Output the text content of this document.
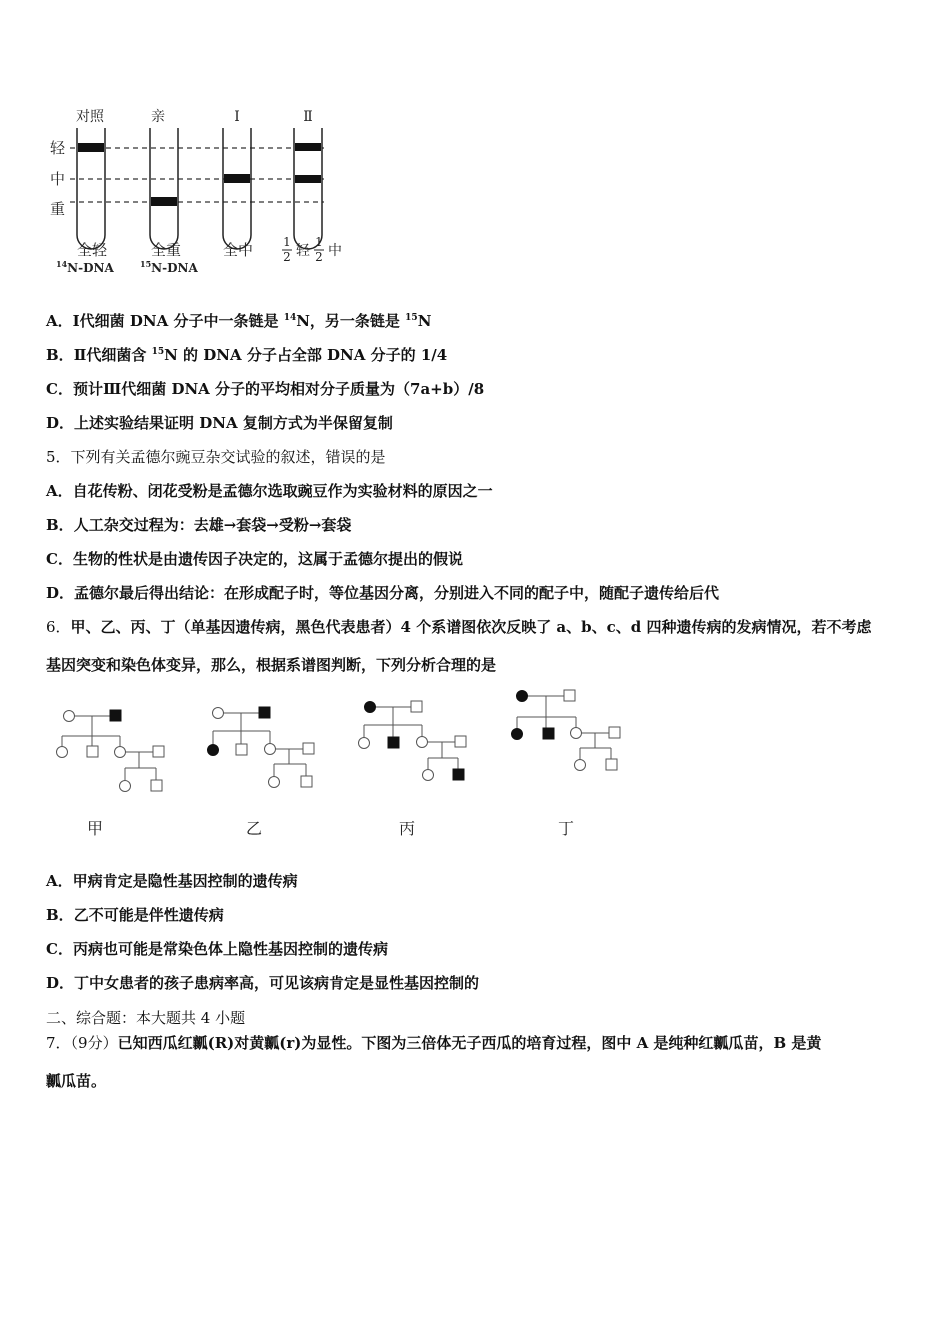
对照	亲	Ⅰ	Ⅱ
轻
中
重
全轻	全重	全中	1
2 轻
1
2 中
$^{14}$N-DNA	$^{15}$N-DNA
A．Ⅰ代细菌 DNA 分子中一条链是 $^{14}$N，另一条链是 $^{15}$N
B．Ⅱ代细菌含 $^{15}$N 的 DNA 分子占全部 DNA 分子的 1/4
C．预计Ⅲ代细菌 DNA 分子的平均相对分子质量为（7a+b）/8
D．上述实验结果证明 DNA 复制方式为半保留复制
5．下列有关孟德尔豌豆杂交试验的叙述，错误的是
A．自花传粉、闭花受粉是孟德尔选取豌豆作为实验材料的原因之一
B．人工杂交过程为：去雄→套袋→受粉→套袋
C．生物的性状是由遗传因子决定的，这属于孟德尔提出的假说
D．孟德尔最后得出结论：在形成配子时，等位基因分离，分别进入不同的配子中，随配子遗传给后代
6．甲、乙、丙、丁（单基因遗传病，黑色代表患者）4 个系谱图依次反映了 a、b、c、d 四种遗传病的发病情况，若不考虑
基因突变和染色体变异，那么，根据系谱图判断，下列分析合理的是
甲	乙	丙	丁
A．甲病肯定是隐性基因控制的遗传病
B．乙不可能是伴性遗传病
C．丙病也可能是常染色体上隐性基因控制的遗传病
D．丁中女患者的孩子患病率高，可见该病肯定是显性基因控制的
二、综合题：本大题共 4 小题
7．（9分）已知西瓜红瓤(R)对黄瓤(r)为显性。下图为三倍体无子西瓜的培育过程，图中 A 是纯种红瓤瓜苗，B 是黄
瓤瓜苗。
